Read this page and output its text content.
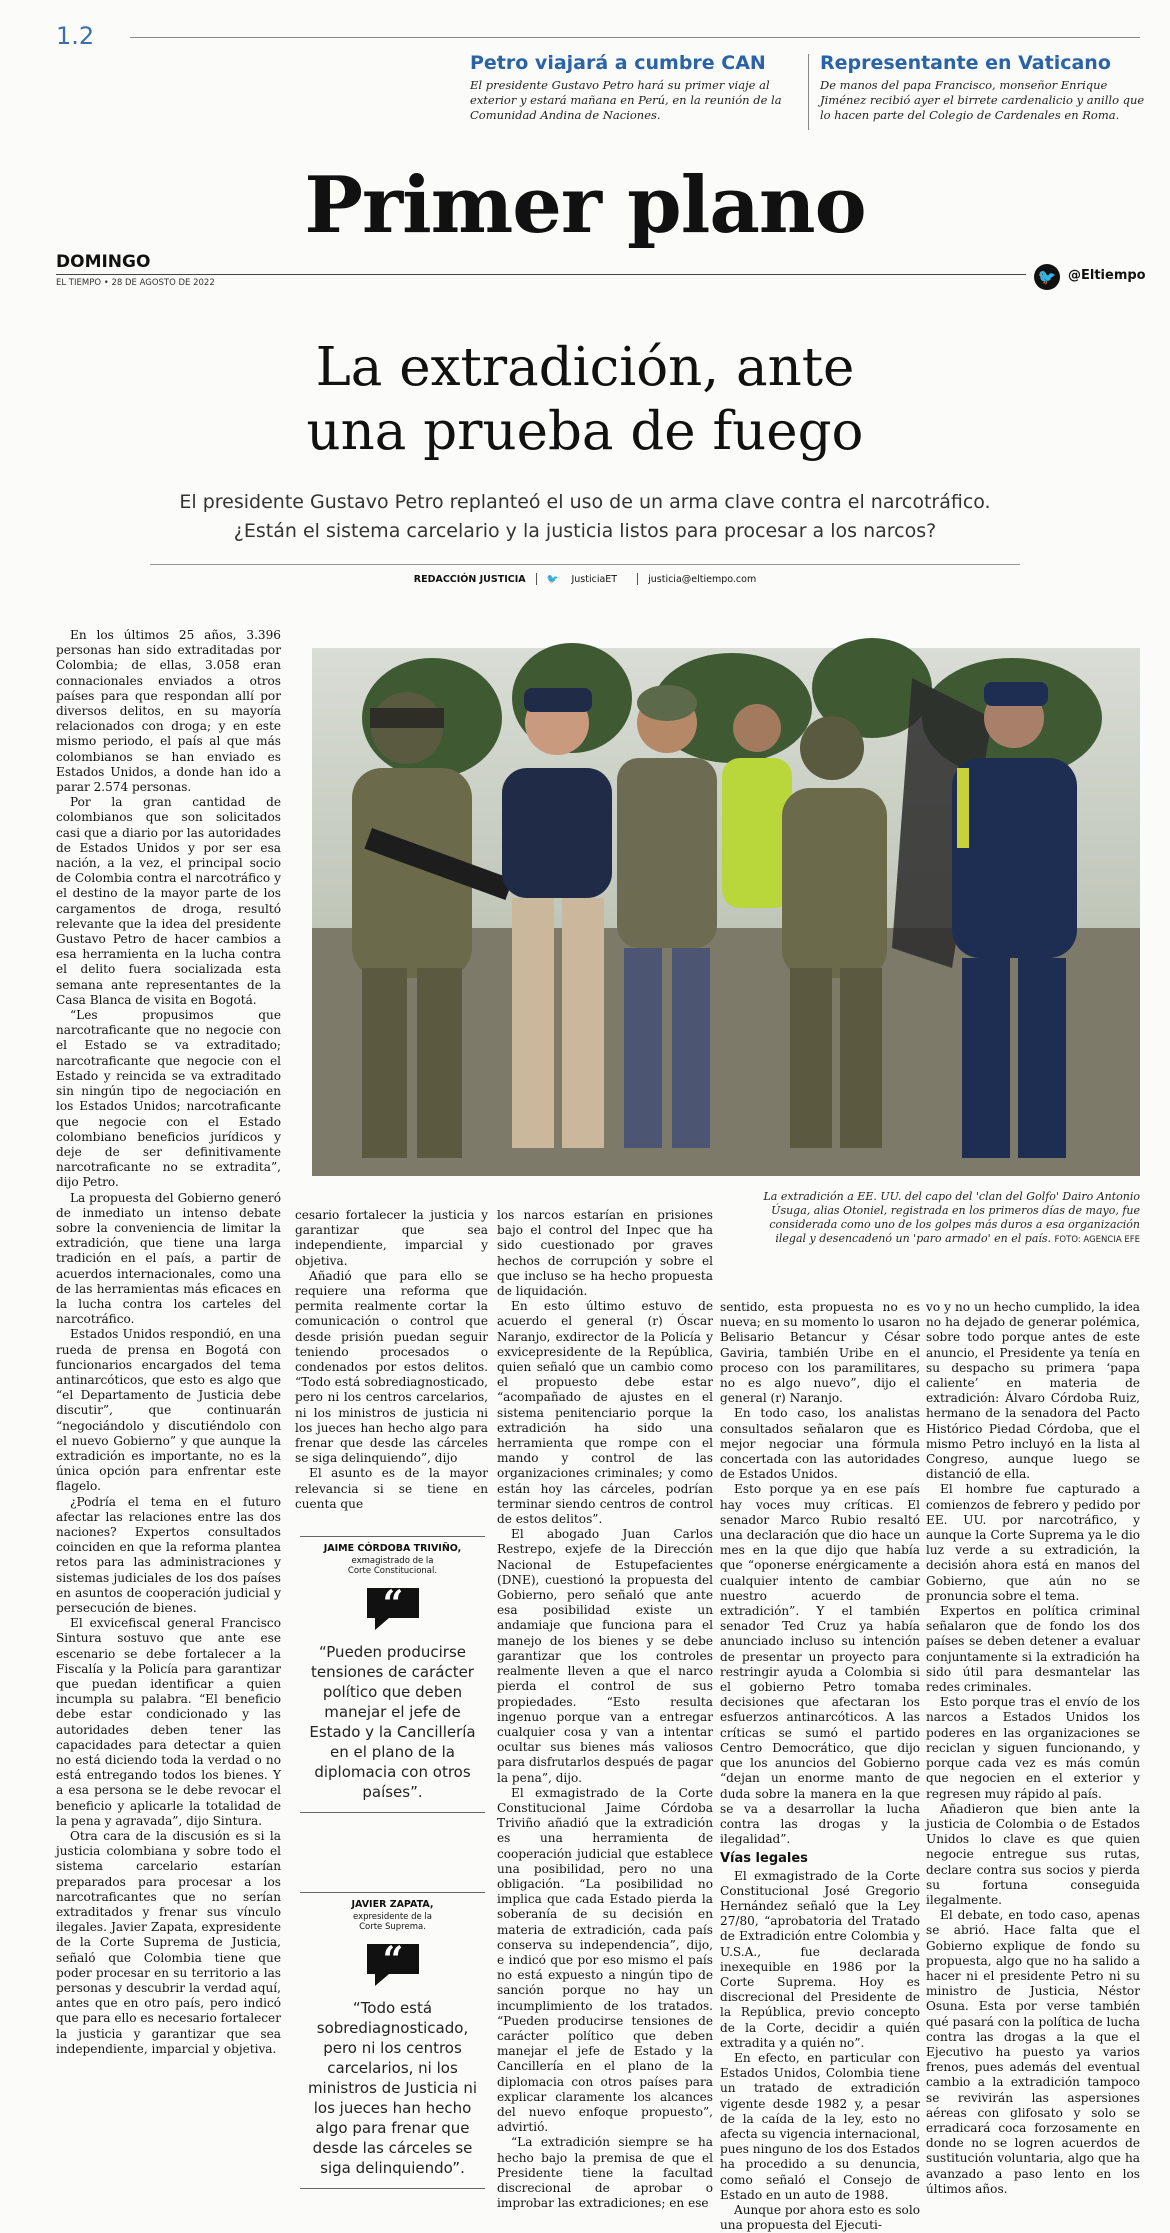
1.2
Petro viajará a cumbre CAN

El presidente Gustavo Petro hará su primer viaje al exterior y estará mañana en Perú, en la reunión de la Comunidad Andina de Naciones.

Representante en Vaticano

De manos del papa Francisco, monseñor Enrique Jiménez recibió ayer el birrete cardenalicio y anillo que lo hacen parte del Colegio de Cardenales en Roma.

Primer plano
DOMINGO
EL TIEMPO • 28 DE AGOSTO DE 2022	🐦 @Eltiempo
La extradición, ante
una prueba de fuego
El presidente Gustavo Petro replanteó el uso de un arma clave contra el narcotráfico.
¿Están el sistema carcelario y la justicia listos para procesar a los narcos?
REDACCIÓN JUSTICIA 🐦 JusticiaET	justicia@eltiempo.com
La extradición a EE. UU. del capo del 'clan del Golfo' Dairo Antonio Úsuga, alias Otoniel, registrada en los primeros días de mayo, fue considerada como uno de los golpes más duros a esa organización ilegal y desencadenó un 'paro armado' en el país. FOTO: AGENCIA EFE

En los últimos 25 años, 3.396 personas han sido extraditadas por Colombia; de ellas, 3.058 eran connacionales enviados a otros países para que respondan allí por diversos delitos, en su mayoría relacionados con droga; y en este mismo periodo, el país al que más colombianos se han enviado es Estados Unidos, a donde han ido a parar 2.574 personas.

Por la gran cantidad de colombianos que son solicitados casi que a diario por las autoridades de Estados Unidos y por ser esa nación, a la vez, el principal socio de Colombia contra el narcotráfico y el destino de la mayor parte de los cargamentos de droga, resultó relevante que la idea del presidente Gustavo Petro de hacer cambios a esa herramienta en la lucha contra el delito fuera socializada esta semana ante representantes de la Casa Blanca de visita en Bogotá.

“Les propusimos que narcotraficante que no negocie con el Estado se va extraditado; narcotraficante que negocie con el Estado y reincida se va extraditado sin ningún tipo de negociación en los Estados Unidos; narcotraficante que negocie con el Estado colombiano beneficios jurídicos y deje de ser definitivamente narcotraficante no se extradita”, dijo Petro.

La propuesta del Gobierno generó de inmediato un intenso debate sobre la conveniencia de limitar la extradición, que tiene una larga tradición en el país, a partir de acuerdos internacionales, como una de las herramientas más eficaces en la lucha contra los carteles del narcotráfico.

Estados Unidos respondió, en una rueda de prensa en Bogotá con funcionarios encargados del tema antinarcóticos, que esto es algo que “el Departamento de Justicia debe discutir”, que continuarán “negociándolo y discutiéndolo con el nuevo Gobierno” y que aunque la extradición es importante, no es la única opción para enfrentar este flagelo.

¿Podría el tema en el futuro afectar las relaciones entre las dos naciones? Expertos consultados coinciden en que la reforma plantea retos para las administraciones y sistemas judiciales de los dos países en asuntos de cooperación judicial y persecución de bienes.

El exvicefiscal general Francisco Sintura sostuvo que ante ese escenario se debe fortalecer a la Fiscalía y la Policía para garantizar que puedan identificar a quien incumpla su palabra. “El beneficio debe estar condicionado y las autoridades deben tener las capacidades para detectar a quien no está diciendo toda la verdad o no está entregando todos los bienes. Y a esa persona se le debe revocar el beneficio y aplicarle la totalidad de la pena y agravada”, dijo Sintura.

Otra cara de la discusión es si la justicia colombiana y sobre todo el sistema carcelario estarían preparados para procesar a los narcotraficantes que no serían extraditados y frenar sus vínculo ilegales. Javier Zapata, expresidente de la Corte Suprema de Justicia, señaló que Colombia tiene que poder procesar en su territorio a las personas y descubrir la verdad aquí, antes que en otro país, pero indicó que para ello es necesario fortalecer la justicia y garantizar que sea independiente, imparcial y objetiva.

cesario fortalecer la justicia y garantizar que sea independiente, imparcial y objetiva.

Añadió que para ello se requiere una reforma que permita realmente cortar la comunicación o control que desde prisión puedan seguir teniendo procesados o condenados por estos delitos. “Todo está sobrediagnosticado, pero ni los centros carcelarios, ni los ministros de justicia ni los jueces han hecho algo para frenar que desde las cárceles se siga delinquiendo”, dijo

El asunto es de la mayor relevancia si se tiene en cuenta que

JAIME CÓRDOBA TRIVIÑO,
exmagistrado de la
Corte Constitucional.
“
“Pueden producirse tensiones de carácter político que deben manejar el jefe de Estado y la Cancillería en el plano de la diplomacia con otros países”.
JAVIER ZAPATA,
expresidente de la
Corte Suprema.
“
“Todo está sobrediagnosticado, pero ni los centros carcelarios, ni los ministros de Justicia ni los jueces han hecho algo para frenar que desde las cárceles se siga delinquiendo”.

los narcos estarían en prisiones bajo el control del Inpec que ha sido cuestionado por graves hechos de corrupción y sobre el que incluso se ha hecho propuesta de liquidación.

En esto último estuvo de acuerdo el general (r) Óscar Naranjo, exdirector de la Policía y exvicepresidente de la República, quien señaló que un cambio como el propuesto debe estar “acompañado de ajustes en el sistema penitenciario porque la extradición ha sido una herramienta que rompe con el mando y control de las organizaciones criminales; y como están hoy las cárceles, podrían terminar siendo centros de control de estos delitos”.

El abogado Juan Carlos Restrepo, exjefe de la Dirección Nacional de Estupefacientes (DNE), cuestionó la propuesta del Gobierno, pero señaló que ante esa posibilidad existe un andamiaje que funciona para el manejo de los bienes y se debe garantizar que los controles realmente lleven a que el narco pierda el control de sus propiedades. “Esto resulta ingenuo porque van a entregar cualquier cosa y van a intentar ocultar sus bienes más valiosos para disfrutarlos después de pagar la pena”, dijo.

El exmagistrado de la Corte Constitucional Jaime Córdoba Triviño añadió que la extradición es una herramienta de cooperación judicial que establece una posibilidad, pero no una obligación. “La posibilidad no implica que cada Estado pierda la soberanía de su decisión en materia de extradición, cada país conserva su independencia”, dijo, e indicó que por eso mismo el país no está expuesto a ningún tipo de sanción porque no hay un incumplimiento de los tratados. “Pueden producirse tensiones de carácter político que deben manejar el jefe de Estado y la Cancillería en el plano de la diplomacia con otros países para explicar claramente los alcances del nuevo enfoque propuesto”, advirtió.

“La extradición siempre se ha hecho bajo la premisa de que el Presidente tiene la facultad discrecional de aprobar o improbar las extradiciones; en ese

sentido, esta propuesta no es nueva; en su momento lo usaron Belisario Betancur y César Gaviria, también Uribe en el proceso con los paramilitares, no es algo nuevo”, dijo el general (r) Naranjo.

En todo caso, los analistas consultados señalaron que es mejor negociar una fórmula concertada con las autoridades de Estados Unidos.

Esto porque ya en ese país hay voces muy críticas. El senador Marco Rubio resaltó una declaración que dio hace un mes en la que dijo que había que “oponerse enérgicamente a cualquier intento de cambiar nuestro acuerdo de extradición”. Y el también senador Ted Cruz ya había anunciado incluso su intención de presentar un proyecto para restringir ayuda a Colombia si el gobierno Petro tomaba decisiones que afectaran los esfuerzos antinarcóticos. A las críticas se sumó el partido Centro Democrático, que dijo que los anuncios del Gobierno “dejan un enorme manto de duda sobre la manera en la que se va a desarrollar la lucha contra las drogas y la ilegalidad”.

Vías legales

El exmagistrado de la Corte Constitucional José Gregorio Hernández señaló que la Ley 27/80, “aprobatoria del Tratado de Extradición entre Colombia y U.S.A., fue declarada inexequible en 1986 por la Corte Suprema. Hoy es discrecional del Presidente de la República, previo concepto de la Corte, decidir a quién extradita y a quién no”.

En efecto, en particular con Estados Unidos, Colombia tiene un tratado de extradición vigente desde 1982 y, a pesar de la caída de la ley, esto no afecta su vigencia internacional, pues ninguno de los dos Estados ha procedido a su denuncia, como señaló el Consejo de Estado en un auto de 1988.

Aunque por ahora esto es solo una propuesta del Ejecuti-

vo y no un hecho cumplido, la idea no ha dejado de generar polémica, sobre todo porque antes de este anuncio, el Presidente ya tenía en su despacho su primera ‘papa caliente’ en materia de extradición: Álvaro Córdoba Ruiz, hermano de la senadora del Pacto Histórico Piedad Córdoba, que el mismo Petro incluyó en la lista al Congreso, aunque luego se distanció de ella.

El hombre fue capturado a comienzos de febrero y pedido por EE. UU. por narcotráfico, y aunque la Corte Suprema ya le dio luz verde a su extradición, la decisión ahora está en manos del Gobierno, que aún no se pronuncia sobre el tema.

Expertos en política criminal señalaron que de fondo los dos países se deben detener a evaluar conjuntamente si la extradición ha sido útil para desmantelar las redes criminales.

Esto porque tras el envío de los narcos a Estados Unidos los poderes en las organizaciones se reciclan y siguen funcionando, y porque cada vez es más común que negocien en el exterior y regresen muy rápido al país.

Añadieron que bien ante la justicia de Colombia o de Estados Unidos lo clave es que quien negocie entregue sus rutas, declare contra sus socios y pierda su fortuna conseguida ilegalmente.

El debate, en todo caso, apenas se abrió. Hace falta que el Gobierno explique de fondo su propuesta, algo que no ha salido a hacer ni el presidente Petro ni su ministro de Justicia, Néstor Osuna. Esta por verse también qué pasará con la política de lucha contra las drogas a la que el Ejecutivo ha puesto ya varios frenos, pues además del eventual cambio a la extradición tampoco se revivirán las aspersiones aéreas con glifosato y solo se erradicará coca forzosamente en donde no se logren acuerdos de sustitución voluntaria, algo que ha avanzado a paso lento en los últimos años.
